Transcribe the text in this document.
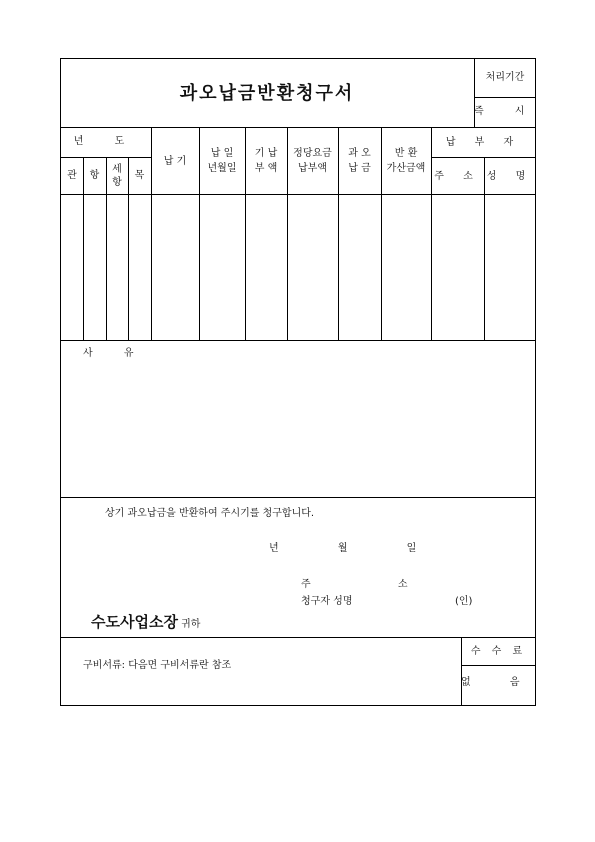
과오납금반환청구서
처리기간
즉 시
년 도
관	항
세항
목
납 기
납 일
년월일
기 납
부 액
정당요금
납부액
과 오
납 금
반 환
가산금액
납 부 자
주 소 성 명
사 유
상기 과오납금을 반환하여 주시기를 청구합니다.
년 월 일
주 소
청구자 성명	(인)
수도사업소장 귀하
구비서류: 다음면 구비서류란 참조
수 수 료
없 음
